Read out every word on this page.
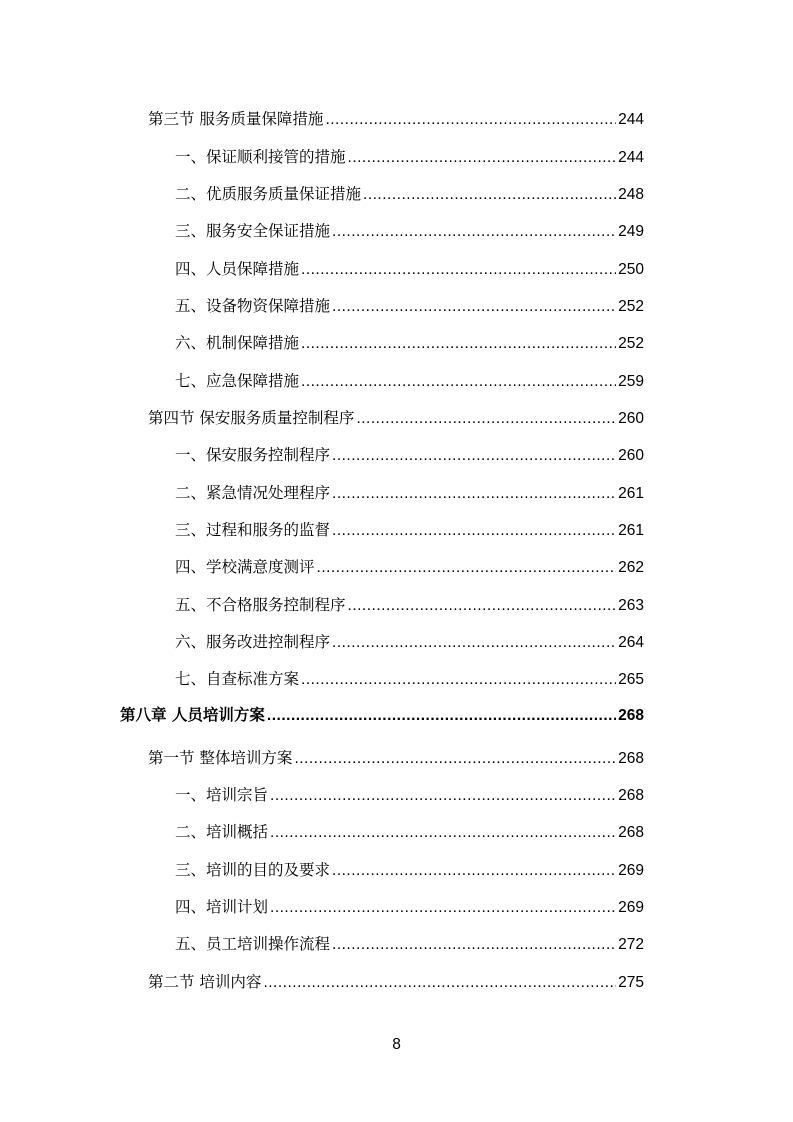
第三节 服务质量保障措施 .....	244
一、保证顺利接管的措施 .....	244
二、优质服务质量保证措施 .....	248
三、服务安全保证措施 .....	249
四、人员保障措施 .....	250
五、设备物资保障措施 .....	252
六、机制保障措施 .....	252
七、应急保障措施 .....	259
第四节 保安服务质量控制程序 .....	260
一、保安服务控制程序 .....	260
二、紧急情况处理程序 .....	261
三、过程和服务的监督 .....	261
四、学校满意度测评 .....	262
五、不合格服务控制程序 .....	263
六、服务改进控制程序 .....	264
七、自查标准方案 .....	265
第八章 人员培训方案 .....	268
第一节 整体培训方案 .....	268
一、培训宗旨 .....	268
二、培训概括 .....	268
三、培训的目的及要求 .....	269
四、培训计划 .....	269
五、员工培训操作流程 .....	272
第二节 培训内容 .....	275
8
